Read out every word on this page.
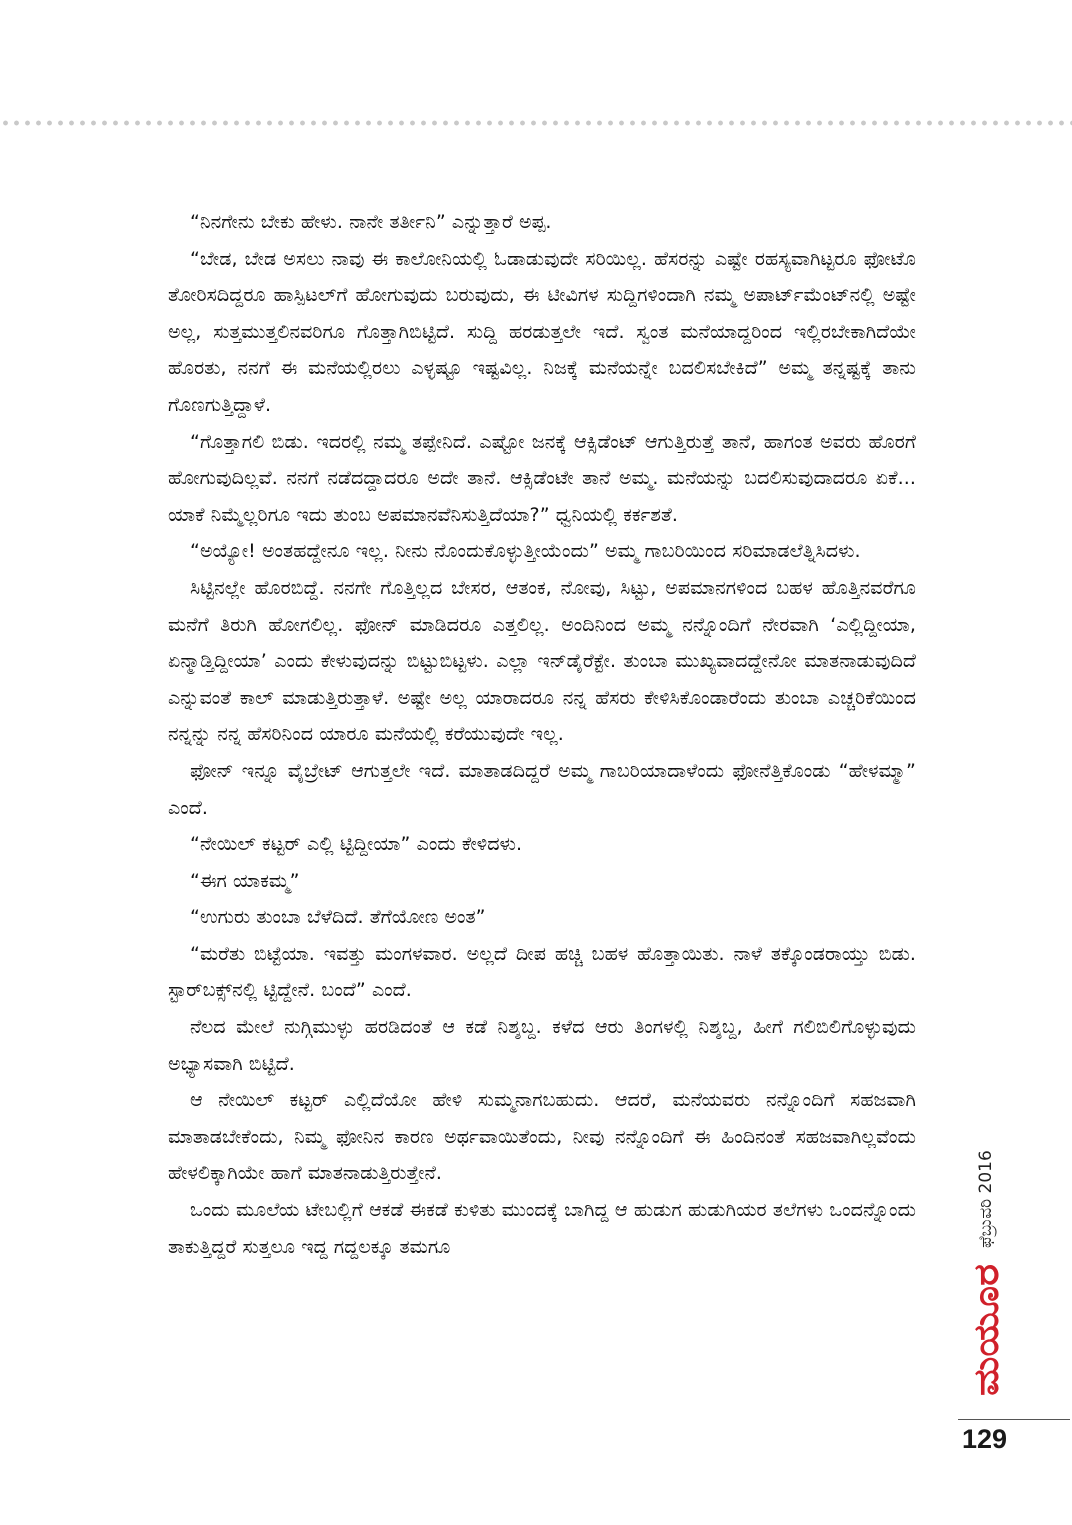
“ನಿನಗೇನು ಬೇಕು ಹೇಳು. ನಾನೇ ತರ್ತೀನಿ” ಎನ್ನುತ್ತಾರೆ ಅಪ್ಪ.

“ಬೇಡ, ಬೇಡ ಅಸಲು ನಾವು ಈ ಕಾಲೋನಿಯಲ್ಲಿ ಓಡಾಡುವುದೇ ಸರಿಯಿಲ್ಲ. ಹೆಸರನ್ನು ಎಷ್ಟೇ ರಹಸ್ಯವಾಗಿಟ್ಟರೂ ಫೋಟೊ ತೋರಿಸದಿದ್ದರೂ ಹಾಸ್ಪಿಟಲ್‌ಗೆ ಹೋಗುವುದು ಬರುವುದು, ಈ ಟೀವಿಗಳ ಸುದ್ದಿಗಳಿಂದಾಗಿ ನಮ್ಮ ಅಪಾರ್ಟ್‌ಮೆಂಟ್‌ನಲ್ಲಿ ಅಷ್ಟೇ ಅಲ್ಲ, ಸುತ್ತಮುತ್ತಲಿನವರಿಗೂ ಗೊತ್ತಾಗಿಬಿಟ್ಟಿದೆ. ಸುದ್ದಿ ಹರಡುತ್ತಲೇ ಇದೆ. ಸ್ವಂತ ಮನೆಯಾದ್ದರಿಂದ ಇಲ್ಲಿರಬೇಕಾಗಿದೆಯೇ ಹೊರತು, ನನಗೆ ಈ ಮನೆಯಲ್ಲಿರಲು ಎಳ್ಳಷ್ಟೂ ಇಷ್ಟವಿಲ್ಲ. ನಿಜಕ್ಕೆ ಮನೆಯನ್ನೇ ಬದಲಿಸಬೇಕಿದೆ” ಅಮ್ಮ ತನ್ನಷ್ಟಕ್ಕೆ ತಾನು ಗೊಣಗುತ್ತಿದ್ದಾಳೆ.

“ಗೊತ್ತಾಗಲಿ ಬಿಡು. ಇದರಲ್ಲಿ ನಮ್ಮ ತಪ್ಪೇನಿದೆ. ಎಷ್ಟೋ ಜನಕ್ಕೆ ಆಕ್ಸಿಡೆಂಟ್ ಆಗುತ್ತಿರುತ್ತೆ ತಾನೆ, ಹಾಗಂತ ಅವರು ಹೊರಗೆ ಹೋಗುವುದಿಲ್ಲವೆ. ನನಗೆ ನಡೆದದ್ದಾದರೂ ಅದೇ ತಾನೆ. ಆಕ್ಸಿಡೆಂಟೇ ತಾನೆ ಅಮ್ಮ. ಮನೆಯನ್ನು ಬದಲಿಸುವುದಾದರೂ ಏಕೆ... ಯಾಕೆ ನಿಮ್ಮೆಲ್ಲರಿಗೂ ಇದು ತುಂಬ ಅಪಮಾನವೆನಿಸುತ್ತಿದೆಯಾ?” ಧ್ವನಿಯಲ್ಲಿ ಕರ್ಕಶತೆ.

“ಅಯ್ಯೋ! ಅಂತಹದ್ದೇನೂ ಇಲ್ಲ. ನೀನು ನೊಂದುಕೊಳ್ಳುತ್ತೀಯೆಂದು” ಅಮ್ಮ ಗಾಬರಿಯಿಂದ ಸರಿಮಾಡಲೆತ್ನಿಸಿದಳು.

ಸಿಟ್ಟಿನಲ್ಲೇ ಹೊರಬಿದ್ದೆ. ನನಗೇ ಗೊತ್ತಿಲ್ಲದ ಬೇಸರ, ಆತಂಕ, ನೋವು, ಸಿಟ್ಟು, ಅಪಮಾನಗಳಿಂದ ಬಹಳ ಹೊತ್ತಿನವರೆಗೂ ಮನೆಗೆ ತಿರುಗಿ ಹೋಗಲಿಲ್ಲ. ಫೋನ್ ಮಾಡಿದರೂ ಎತ್ತಲಿಲ್ಲ. ಅಂದಿನಿಂದ ಅಮ್ಮ ನನ್ನೊಂದಿಗೆ ನೇರವಾಗಿ ‘ಎಲ್ಲಿದ್ದೀಯಾ, ಏನ್ಮಾಡ್ತಿದ್ದೀಯಾ’ ಎಂದು ಕೇಳುವುದನ್ನು ಬಿಟ್ಟುಬಿಟ್ಟಳು. ಎಲ್ಲಾ ಇನ್‌ಡೈರೆಕ್ಟೇ. ತುಂಬಾ ಮುಖ್ಯವಾದದ್ದೇನೋ ಮಾತನಾಡುವುದಿದೆ ಎನ್ನುವಂತೆ ಕಾಲ್ ಮಾಡುತ್ತಿರುತ್ತಾಳೆ. ಅಷ್ಟೇ ಅಲ್ಲ ಯಾರಾದರೂ ನನ್ನ ಹೆಸರು ಕೇಳಿಸಿಕೊಂಡಾರೆಂದು ತುಂಬಾ ಎಚ್ಚರಿಕೆಯಿಂದ ನನ್ನನ್ನು ನನ್ನ ಹೆಸರಿನಿಂದ ಯಾರೂ ಮನೆಯಲ್ಲಿ ಕರೆಯುವುದೇ ಇಲ್ಲ.

ಫೋನ್ ಇನ್ನೂ ವೈಬ್ರೇಟ್ ಆಗುತ್ತಲೇ ಇದೆ. ಮಾತಾಡದಿದ್ದರೆ ಅಮ್ಮ ಗಾಬರಿಯಾದಾಳೆಂದು ಫೋನೆತ್ತಿಕೊಂಡು “ಹೇಳಮ್ಮಾ” ಎಂದೆ.

“ನೇಯಿಲ್ ಕಟ್ಟರ್ ಎಲ್ಲಿ ಟ್ಟಿದ್ದೀಯಾ” ಎಂದು ಕೇಳಿದಳು.

“ಈಗ ಯಾಕಮ್ಮ”

“ಉಗುರು ತುಂಬಾ ಬೆಳೆದಿದೆ. ತೆಗೆಯೋಣ ಅಂತ”

“ಮರೆತು ಬಿಟ್ಟೆಯಾ. ಇವತ್ತು ಮಂಗಳವಾರ. ಅಲ್ಲದೆ ದೀಪ ಹಚ್ಚಿ ಬಹಳ ಹೊತ್ತಾಯಿತು. ನಾಳೆ ತಕ್ಕೊಂಡರಾಯ್ತು ಬಿಡು. ಸ್ಟಾರ್‌ಬಕ್ಸ್‌ನಲ್ಲಿ ಟ್ಟಿದ್ದೇನೆ. ಬಂದೆ” ಎಂದೆ.

ನೆಲದ ಮೇಲೆ ನುಗ್ಗಿಮುಳ್ಳು ಹರಡಿದಂತೆ ಆ ಕಡೆ ನಿಶ್ಶಬ್ದ. ಕಳೆದ ಆರು ತಿಂಗಳಲ್ಲಿ ನಿಶ್ಶಬ್ದ, ಹೀಗೆ ಗಲಿಬಿಲಿಗೊಳ್ಳುವುದು ಅಭ್ಯಾಸವಾಗಿ ಬಿಟ್ಟಿದೆ.

ಆ ನೇಯಿಲ್ ಕಟ್ಟರ್ ಎಲ್ಲಿದೆಯೋ ಹೇಳಿ ಸುಮ್ಮನಾಗಬಹುದು. ಆದರೆ, ಮನೆಯವರು ನನ್ನೊಂದಿಗೆ ಸಹಜವಾಗಿ ಮಾತಾಡಬೇಕೆಂದು, ನಿಮ್ಮ ಫೋನಿನ ಕಾರಣ ಅರ್ಥವಾಯಿತೆಂದು, ನೀವು ನನ್ನೊಂದಿಗೆ ಈ ಹಿಂದಿನಂತೆ ಸಹಜವಾಗಿಲ್ಲವೆಂದು ಹೇಳಲಿಕ್ಕಾಗಿಯೇ ಹಾಗೆ ಮಾತನಾಡುತ್ತಿರುತ್ತೇನೆ.

ಒಂದು ಮೂಲೆಯ ಟೇಬಲ್ಲಿಗೆ ಆಕಡೆ ಈಕಡೆ ಕುಳಿತು ಮುಂದಕ್ಕೆ ಬಾಗಿದ್ದ ಆ ಹುಡುಗ ಹುಡುಗಿಯರ ತಲೆಗಳು ಒಂದನ್ನೊಂದು ತಾಕುತ್ತಿದ್ದರೆ ಸುತ್ತಲೂ ಇದ್ದ ಗದ್ದಲಕ್ಕೂ ತಮಗೂ	ಫೆಬ್ರುವರಿ 2016
ಮಯೂರ
129
